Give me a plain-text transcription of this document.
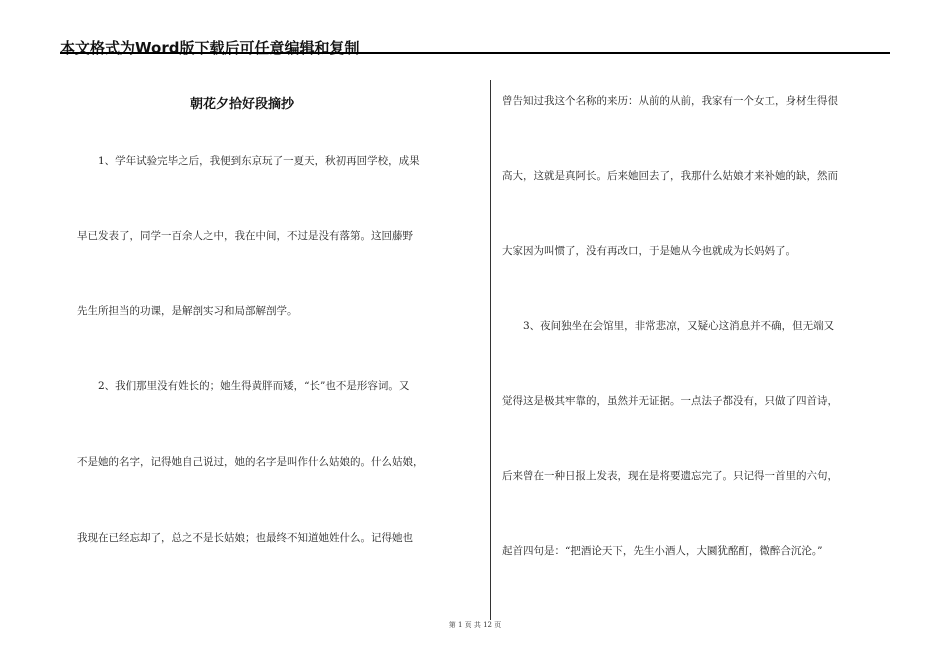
本文格式为Word版下载后可任意编辑和复制
朝花夕拾好段摘抄
1、学年试验完毕之后，我便到东京玩了一夏天，秋初再回学校，成果
早已发表了，同学一百余人之中，我在中间，不过是没有落第。这回藤野
先生所担当的功课，是解剖实习和局部解剖学。
2、我们那里没有姓长的；她生得黄胖而矮，“长”也不是形容词。又
不是她的名字，记得她自己说过，她的名字是叫作什么姑娘的。什么姑娘，
我现在已经忘却了，总之不是长姑娘；也最终不知道她姓什么。记得她也
曾告知过我这个名称的来历：从前的从前，我家有一个女工，身材生得很
高大，这就是真阿长。后来她回去了，我那什么姑娘才来补她的缺，然而
大家因为叫惯了，没有再改口，于是她从今也就成为长妈妈了。
3、夜间独坐在会馆里，非常悲凉，又疑心这消息并不确，但无端又
觉得这是极其牢靠的，虽然并无证据。一点法子都没有，只做了四首诗，
后来曾在一种日报上发表，现在是将要遗忘完了。只记得一首里的六句，
起首四句是：“把酒论天下，先生小酒人，大圜犹酩酊，微醉合沉沦。”
第 1 页 共 12 页
